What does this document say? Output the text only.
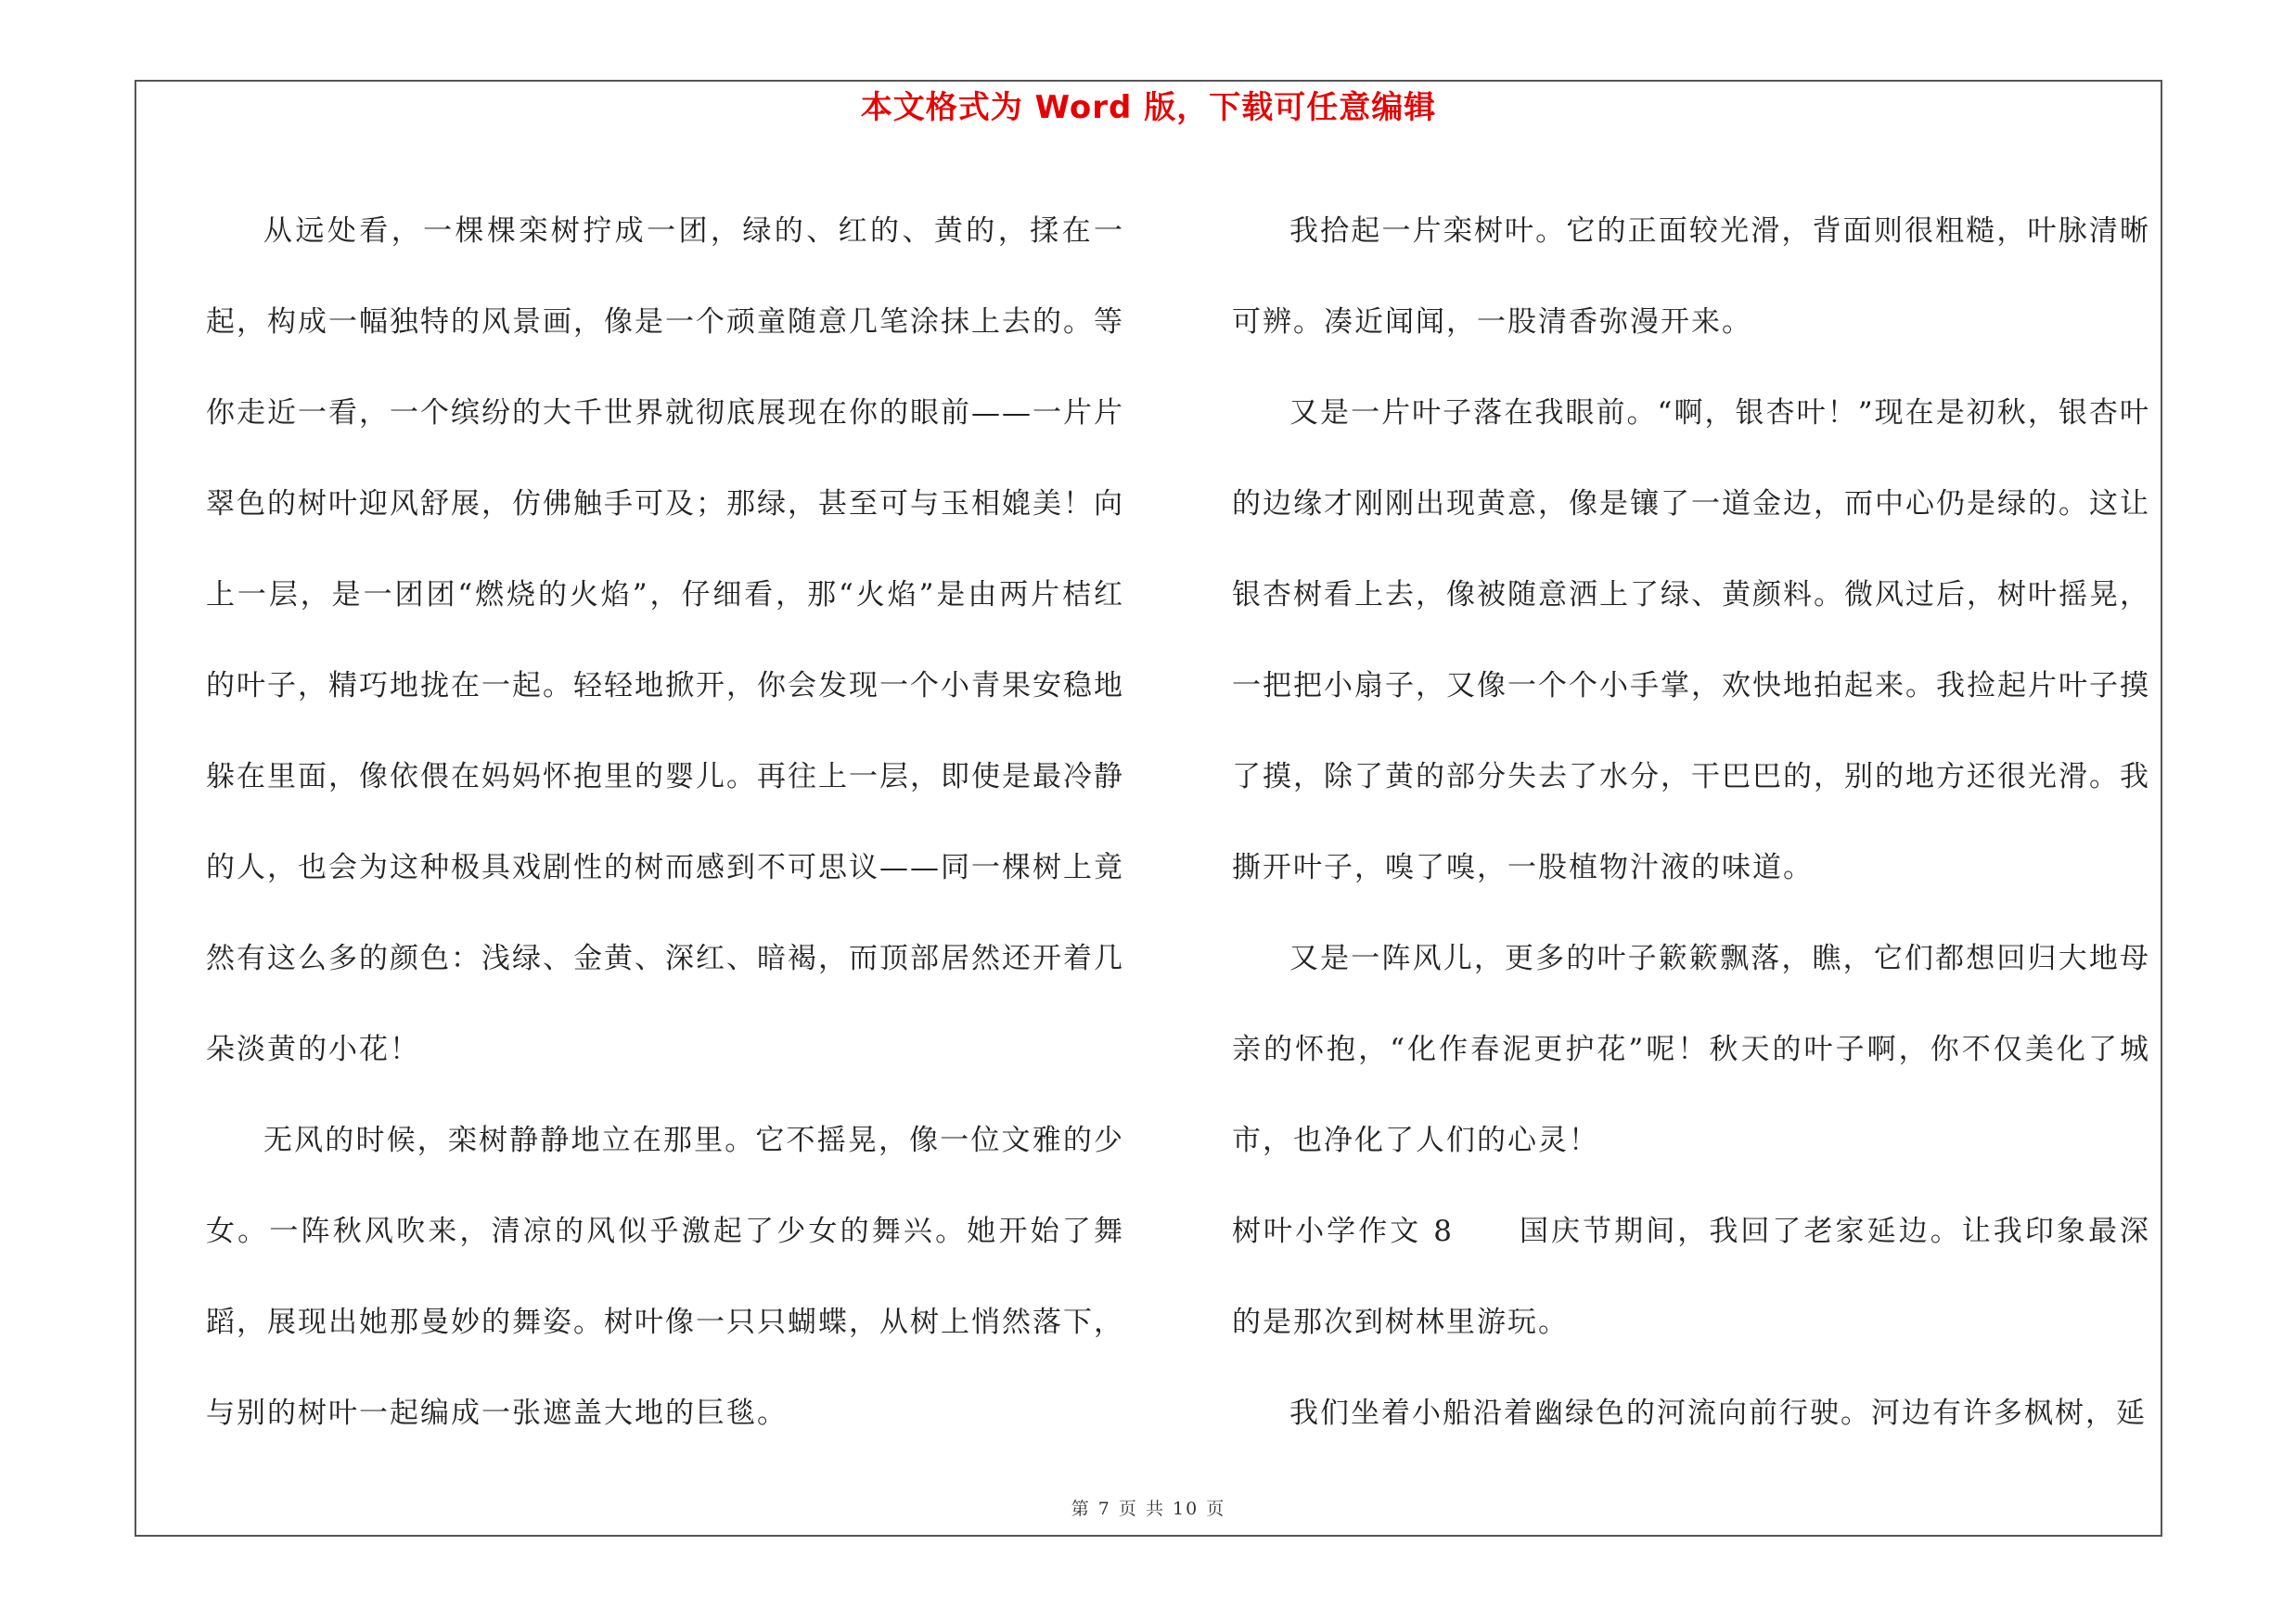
本文格式为 Word 版，下载可任意编辑

从远处看，一棵棵栾树拧成一团，绿的、红的、黄的，揉在一起，构成一幅独特的风景画，像是一个顽童随意几笔涂抹上去的。等你走近一看，一个缤纷的大千世界就彻底展现在你的眼前——一片片翠色的树叶迎风舒展，仿佛触手可及；那绿，甚至可与玉相媲美！向上一层，是一团团“燃烧的火焰”，仔细看，那“火焰”是由两片桔红的叶子，精巧地拢在一起。轻轻地掀开，你会发现一个小青果安稳地躲在里面，像依偎在妈妈怀抱里的婴儿。再往上一层，即使是最冷静的人，也会为这种极具戏剧性的树而感到不可思议——同一棵树上竟然有这么多的颜色：浅绿、金黄、深红、暗褐，而顶部居然还开着几朵淡黄的小花！

无风的时候，栾树静静地立在那里。它不摇晃，像一位文雅的少女。一阵秋风吹来，清凉的风似乎激起了少女的舞兴。她开始了舞蹈，展现出她那曼妙的舞姿。树叶像一只只蝴蝶，从树上悄然落下，与别的树叶一起编成一张遮盖大地的巨毯。

我拾起一片栾树叶。它的正面较光滑，背面则很粗糙，叶脉清晰可辨。凑近闻闻，一股清香弥漫开来。

又是一片叶子落在我眼前。“啊，银杏叶！”现在是初秋，银杏叶的边缘才刚刚出现黄意，像是镶了一道金边，而中心仍是绿的。这让银杏树看上去，像被随意洒上了绿、黄颜料。微风过后，树叶摇晃，一把把小扇子，又像一个个小手掌，欢快地拍起来。我捡起片叶子摸了摸，除了黄的部分失去了水分，干巴巴的，别的地方还很光滑。我撕开叶子，嗅了嗅，一股植物汁液的味道。

又是一阵风儿，更多的叶子簌簌飘落，瞧，它们都想回归大地母亲的怀抱，“化作春泥更护花”呢！秋天的叶子啊，你不仅美化了城市，也净化了人们的心灵！

树叶小学作文 8 国庆节期间，我回了老家延边。让我印象最深的是那次到树林里游玩。

我们坐着小船沿着幽绿色的河流向前行驶。河边有许多枫树，延

第 7 页 共 10 页
